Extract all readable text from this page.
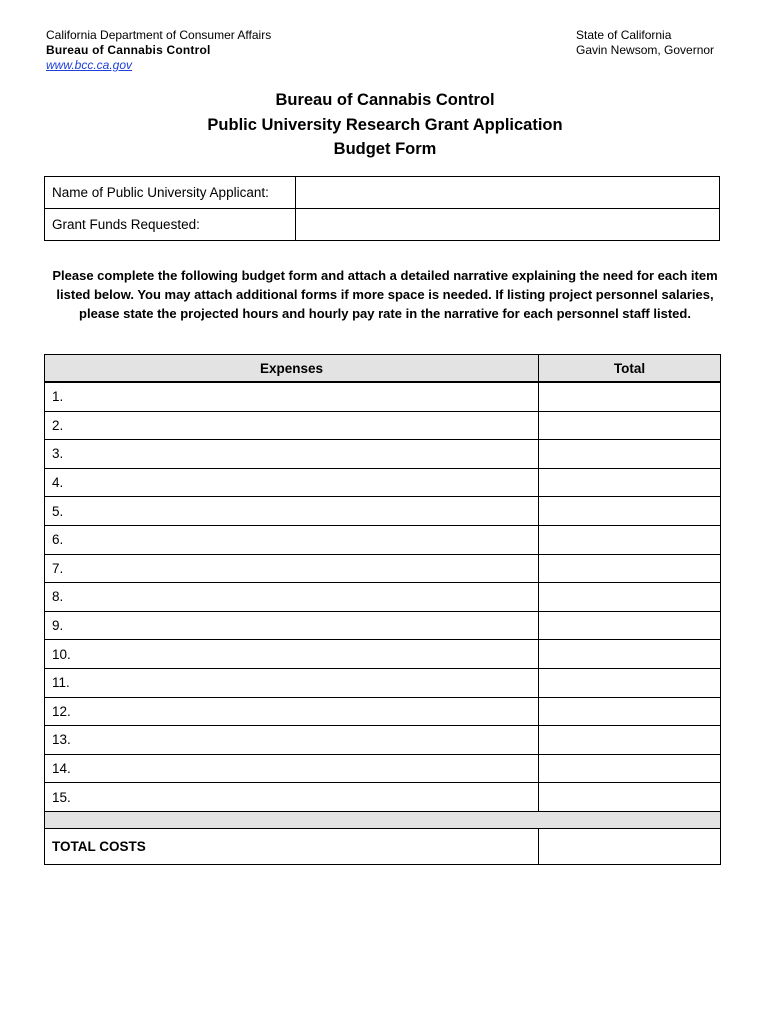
California Department of Consumer Affairs
Bureau of Cannabis Control
www.bcc.ca.gov
State of California
Gavin Newsom, Governor
Bureau of Cannabis Control
Public University Research Grant Application
Budget Form
Name of Public University Applicant:	
Grant Funds Requested:	
Please complete the following budget form and attach a detailed narrative explaining the need for each item listed below. You may attach additional forms if more space is needed. If listing project personnel salaries, please state the projected hours and hourly pay rate in the narrative for each personnel staff listed.
Expenses	Total
1.	
2.	
3.	
4.	
5.	
6.	
7.	
8.	
9.	
10.	
11.	
12.	
13.	
14.	
15.	

TOTAL COSTS	
